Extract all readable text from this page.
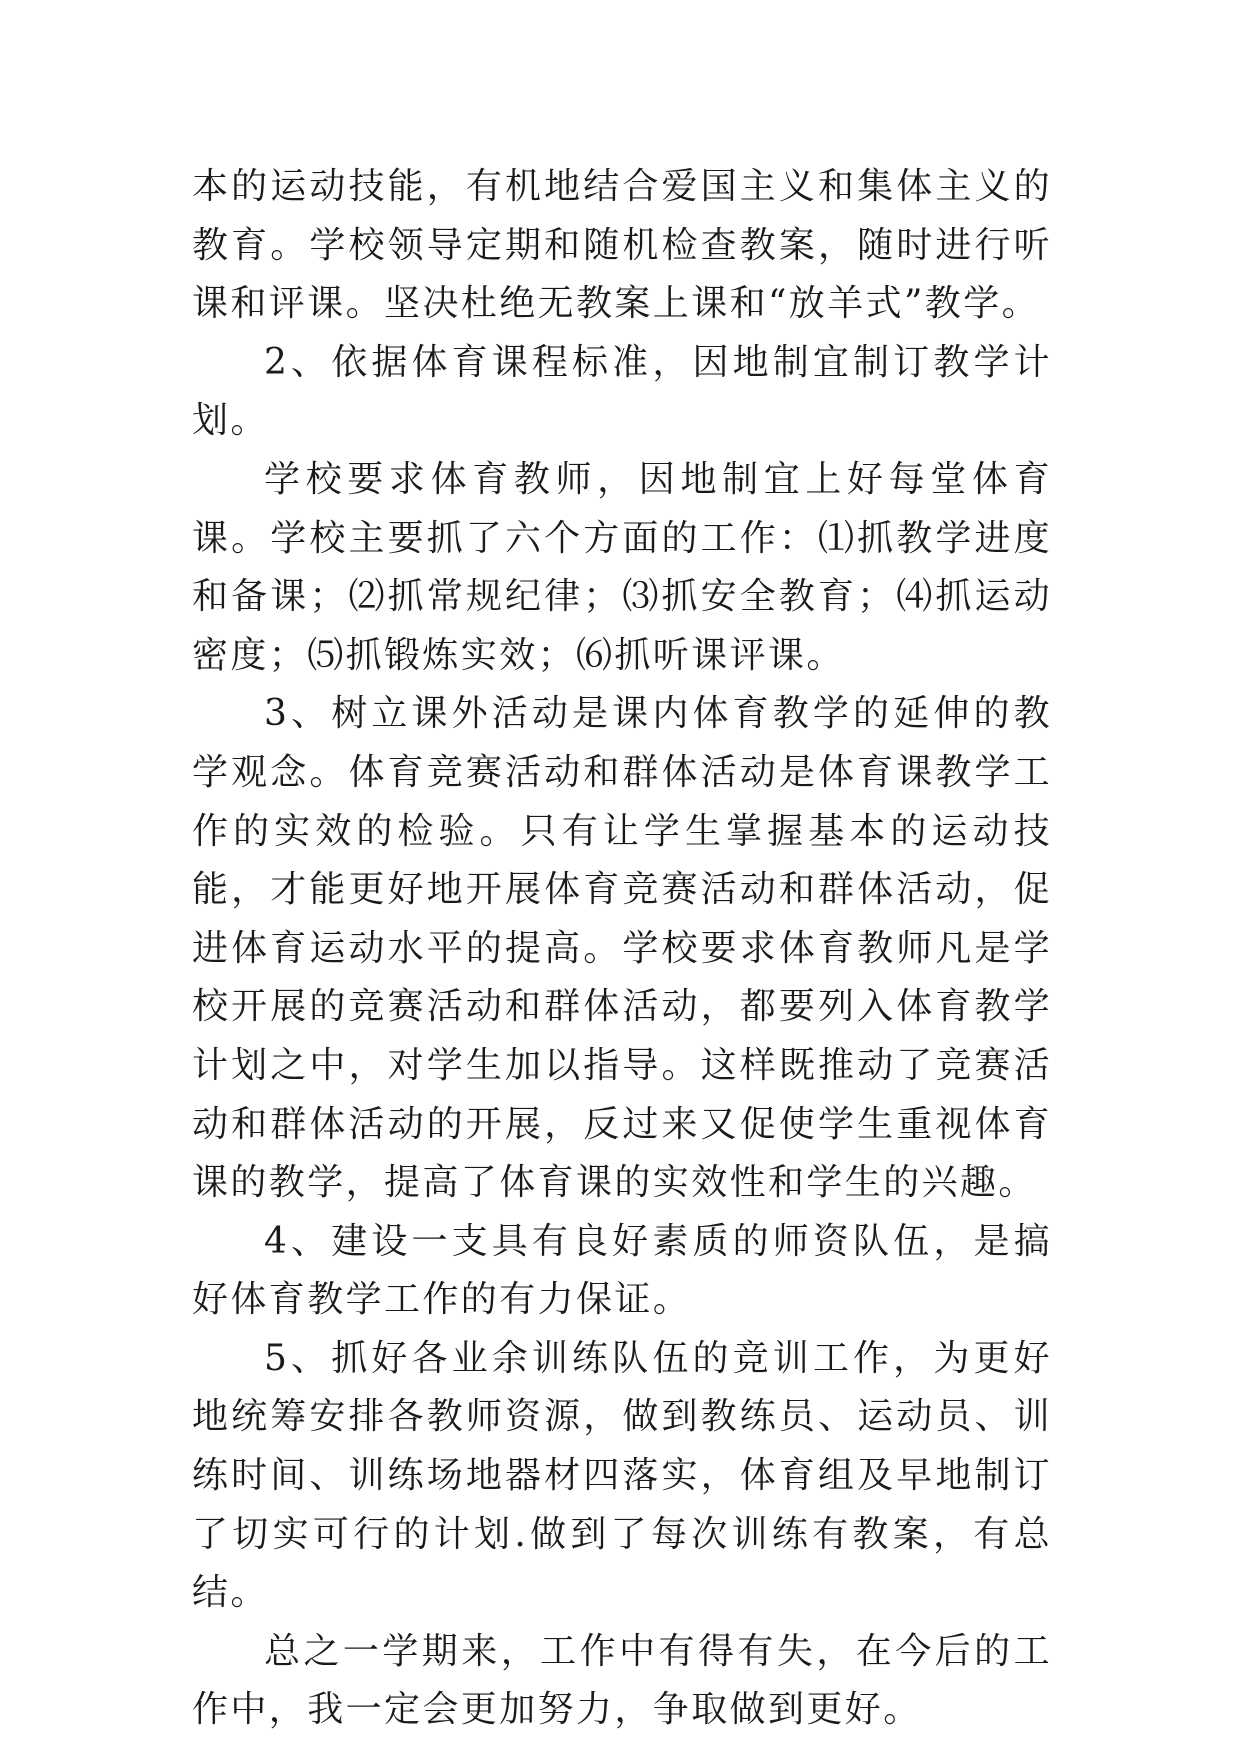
本的运动技能，有机地结合爱国主义和集体主义的教育。学校领导定期和随机检查教案，随时进行听课和评课。坚决杜绝无教案上课和“放羊式”教学。

2、依据体育课程标准，因地制宜制订教学计划。

学校要求体育教师，因地制宜上好每堂体育课。学校主要抓了六个方面的工作：⑴抓教学进度和备课；⑵抓常规纪律；⑶抓安全教育；⑷抓运动密度；⑸抓锻炼实效；⑹抓听课评课。

3、树立课外活动是课内体育教学的延伸的教学观念。体育竞赛活动和群体活动是体育课教学工作的实效的检验。只有让学生掌握基本的运动技能，才能更好地开展体育竞赛活动和群体活动，促进体育运动水平的提高。学校要求体育教师凡是学校开展的竞赛活动和群体活动，都要列入体育教学计划之中，对学生加以指导。这样既推动了竞赛活动和群体活动的开展，反过来又促使学生重视体育课的教学，提高了体育课的实效性和学生的兴趣。

4、建设一支具有良好素质的师资队伍，是搞好体育教学工作的有力保证。

5、抓好各业余训练队伍的竞训工作，为更好地统筹安排各教师资源，做到教练员、运动员、训练时间、训练场地器材四落实，体育组及早地制订了切实可行的计划.做到了每次训练有教案，有总结。

总之一学期来，工作中有得有失，在今后的工作中，我一定会更加努力，争取做到更好。
